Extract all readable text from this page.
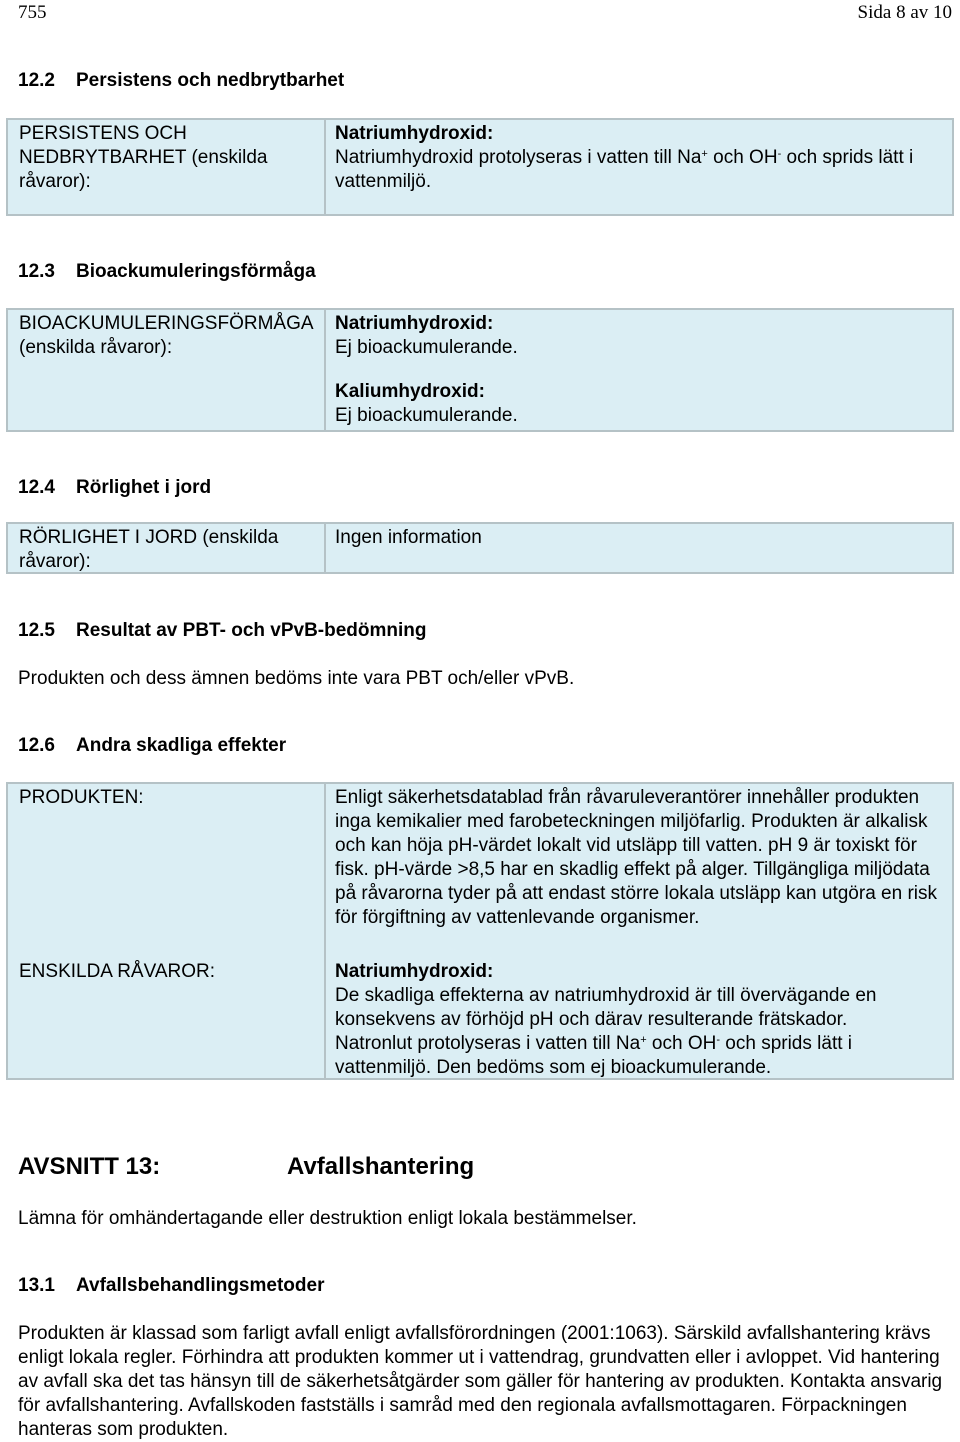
755	Sida 8 av 10
12.2 Persistens och nedbrytbarhet
PERSISTENS OCH NEDBRYTBARHET (enskilda råvaror):
Natriumhydroxid:
Natriumhydroxid protolyseras i vatten till Na+ och OH- och sprids lätt i vattenmiljö.
12.3 Bioackumuleringsförmåga
BIOACKUMULERINGSFÖRMÅGA (enskilda råvaror):
Natriumhydroxid:
Ej bioackumulerande.
Kaliumhydroxid:
Ej bioackumulerande.
12.4 Rörlighet i jord
RÖRLIGHET I JORD (enskilda råvaror):
Ingen information
12.5 Resultat av PBT- och vPvB-bedömning
Produkten och dess ämnen bedöms inte vara PBT och/eller vPvB.
12.6 Andra skadliga effekter
PRODUKTEN:
ENSKILDA RÅVAROR:
Enligt säkerhetsdatablad från råvaruleverantörer innehåller produkten inga kemikalier med farobeteckningen miljöfarlig. Produkten är alkalisk och kan höja pH-värdet lokalt vid utsläpp till vatten. pH 9 är toxiskt för fisk. pH-värde >8,5 har en skadlig effekt på alger. Tillgängliga miljödata på råvarorna tyder på att endast större lokala utsläpp kan utgöra en risk för förgiftning av vattenlevande organismer.
Natriumhydroxid:
De skadliga effekterna av natriumhydroxid är till övervägande en konsekvens av förhöjd pH och därav resulterande frätskador.
Natronlut protolyseras i vatten till Na+ och OH- och sprids lätt i vattenmiljö. Den bedöms som ej bioackumulerande.
AVSNITT 13:	Avfallshantering
Lämna för omhändertagande eller destruktion enligt lokala bestämmelser.
13.1 Avfallsbehandlingsmetoder
Produkten är klassad som farligt avfall enligt avfallsförordningen (2001:1063). Särskild avfallshantering krävs enligt lokala regler. Förhindra att produkten kommer ut i vattendrag, grundvatten eller i avloppet. Vid hantering av avfall ska det tas hänsyn till de säkerhetsåtgärder som gäller för hantering av produkten. Kontakta ansvarig för avfallshantering. Avfallskoden fastställs i samråd med den regionala avfallsmottagaren. Förpackningen hanteras som produkten.
